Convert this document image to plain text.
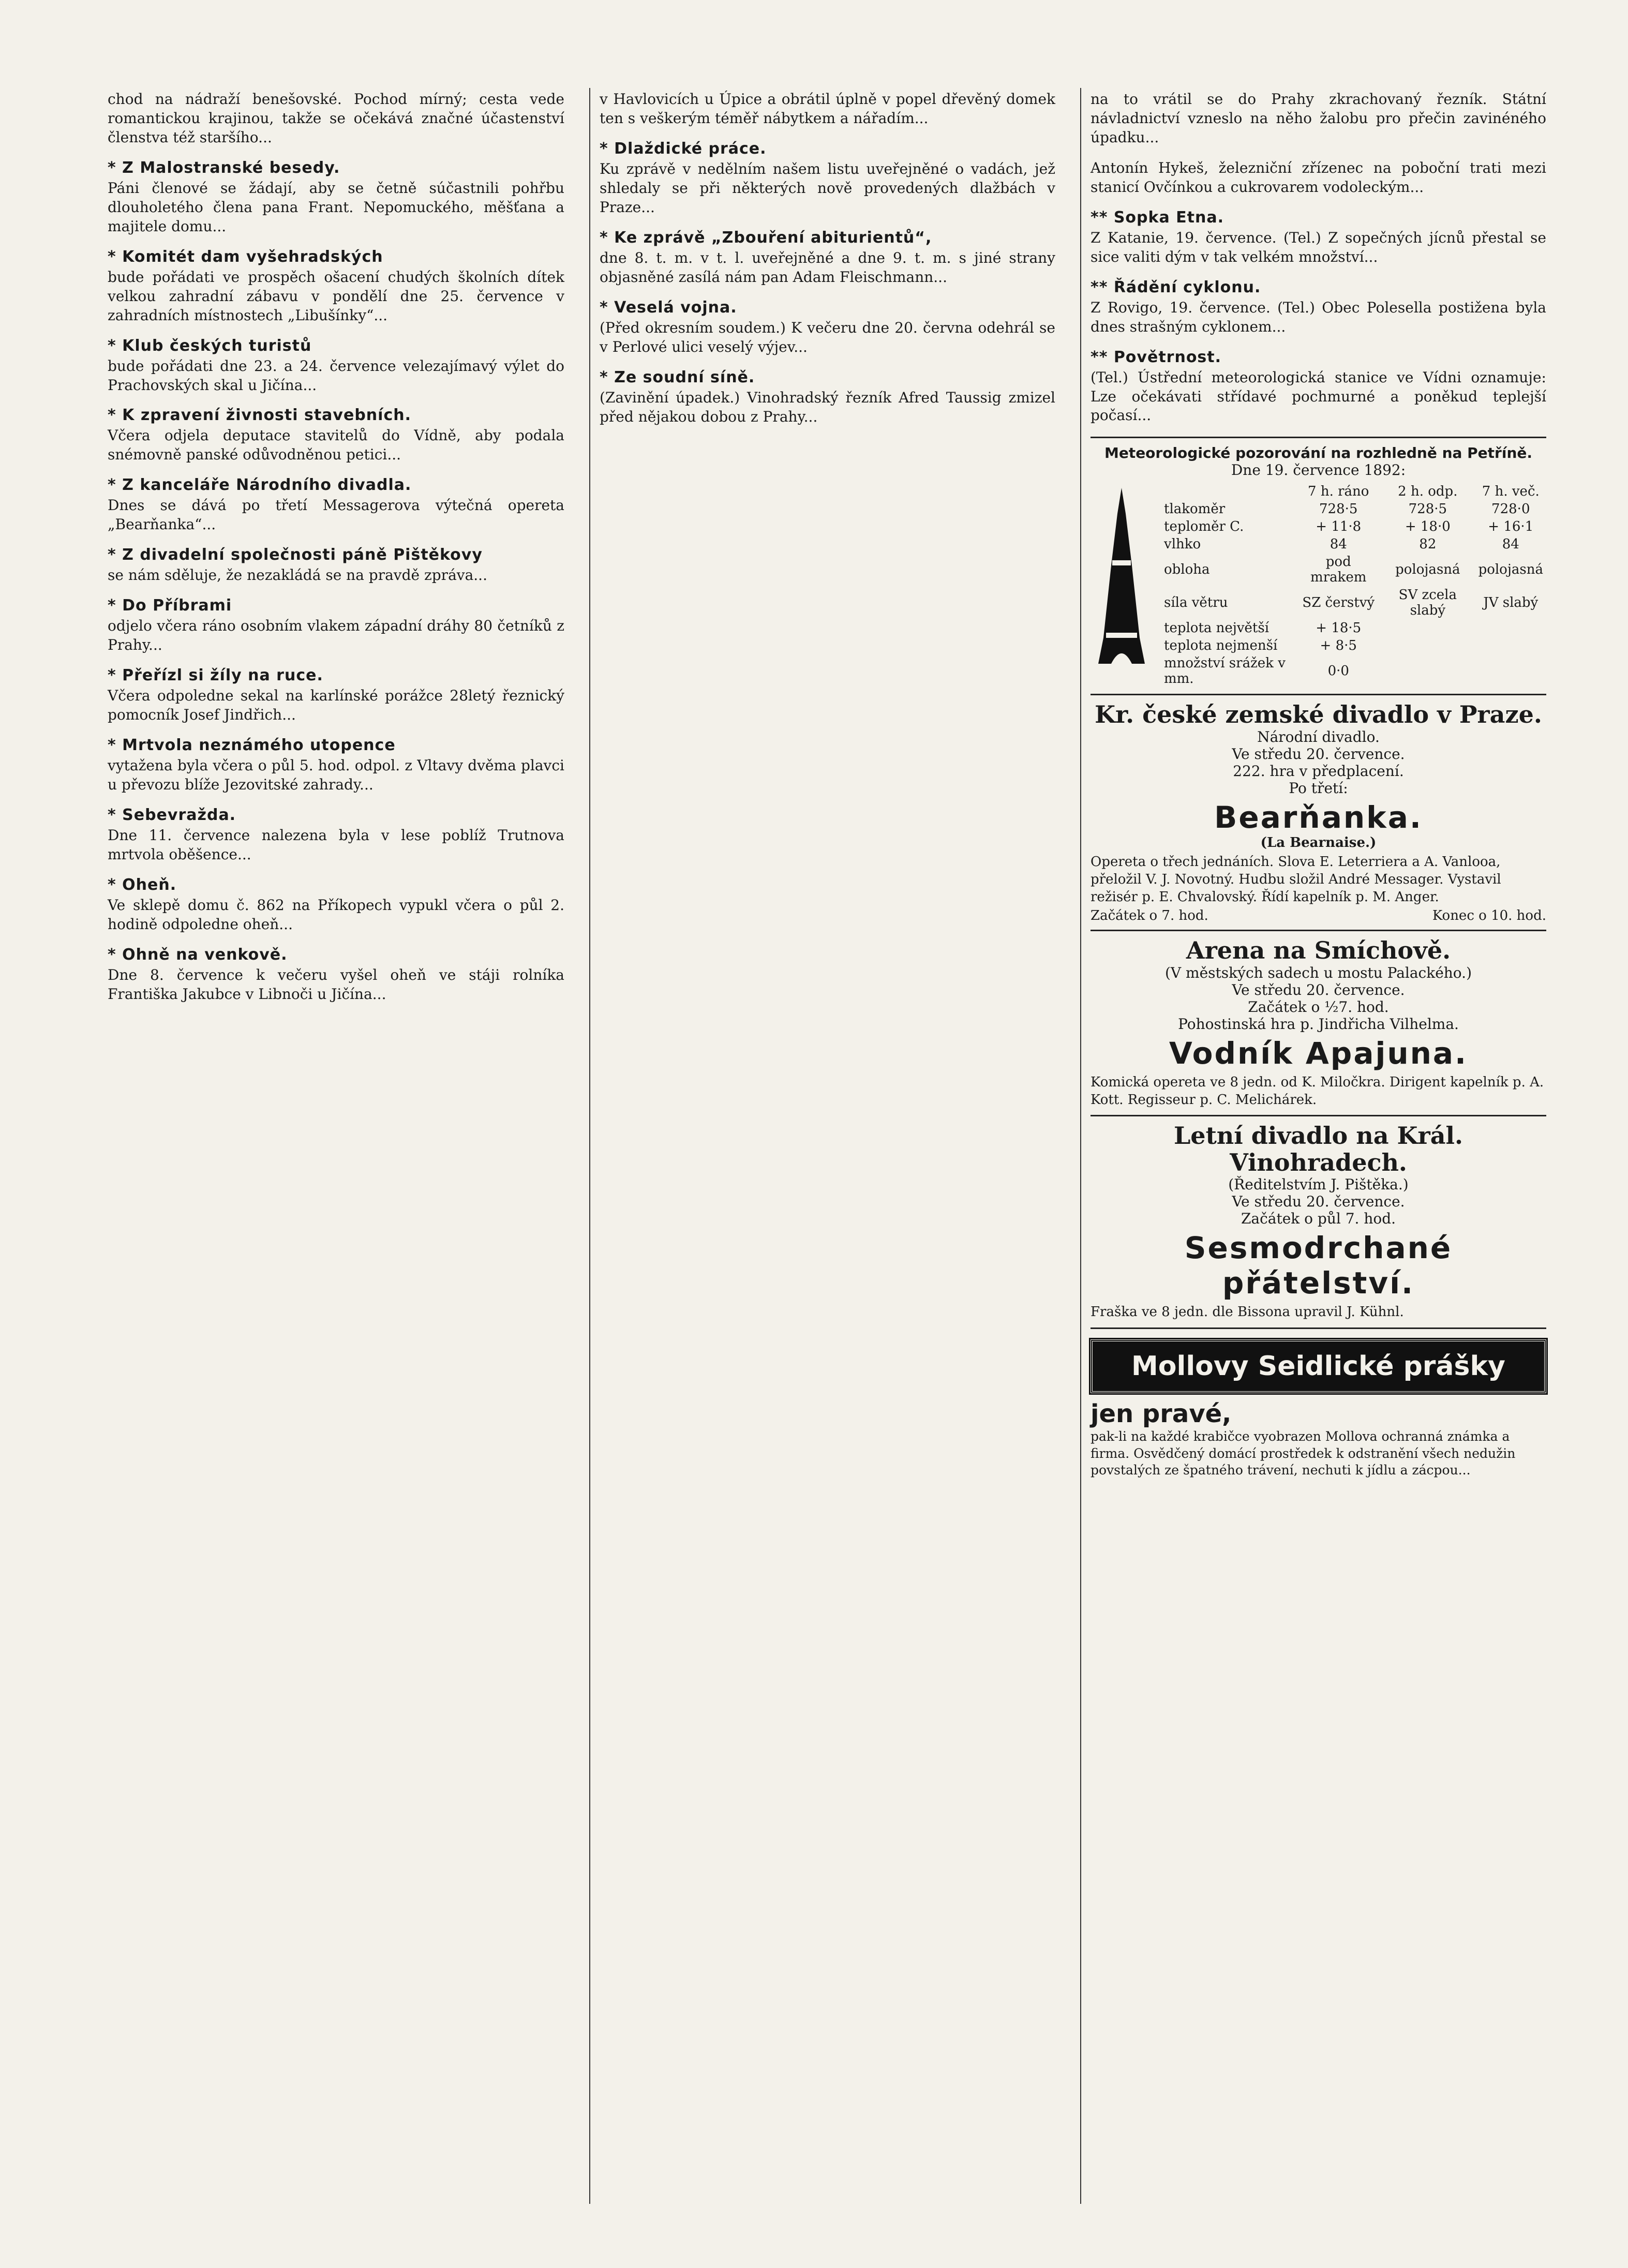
chod na nádraží benešovské. Pochod mírný; cesta vede romantickou krajinou, takže se očekává značné účastenství členstva též staršího...

* Z Malostranské besedy.

Páni členové se žádají, aby se četně súčastnili pohřbu dlouholetého člena pana Frant. Nepomuckého, měšťana a majitele domu...

* Komitét dam vyšehradských

bude pořádati ve prospěch ošacení chudých školních dítek velkou zahradní zábavu v pondělí dne 25. července v zahradních místnostech „Libušínky“...

* Klub českých turistů

bude pořádati dne 23. a 24. července velezajímavý výlet do Prachovských skal u Jičína...

* K zpravení živnosti stavebních.

Včera odjela deputace stavitelů do Vídně, aby podala snémovně panské odůvodněnou petici...

* Z kanceláře Národního divadla.

Dnes se dává po třetí Messagerova výtečná opereta „Bearňanka“...

* Z divadelní společnosti páně Pištěkovy

se nám sděluje, že nezakládá se na pravdě zpráva...

* Do Příbrami

odjelo včera ráno osobním vlakem západní dráhy 80 četníků z Prahy...

* Přeřízl si žíly na ruce.

Včera odpoledne sekal na karlínské porážce 28letý řeznický pomocník Josef Jindřich...

* Mrtvola neznámého utopence

vytažena byla včera o půl 5. hod. odpol. z Vltavy dvěma plavci u převozu blíže Jezovitské zahrady...

* Sebevražda.

Dne 11. července nalezena byla v lese poblíž Trutnova mrtvola oběšence...

* Oheň.

Ve sklepě domu č. 862 na Příkopech vypukl včera o půl 2. hodině odpoledne oheň...

* Ohně na venkově.

Dne 8. července k večeru vyšel oheň ve stáji rolníka Františka Jakubce v Libnoči u Jičína...

v Havlovicích u Úpice a obrátil úplně v popel dřevěný domek ten s veškerým téměř nábytkem a nářadím...

* Dlaždické práce.

Ku zprávě v nedělním našem listu uveřejněné o vadách, jež shledaly se při některých nově provedených dlažbách v Praze...

* Ke zprávě „Zbouření abiturientů“,

dne 8. t. m. v t. l. uveřejněné a dne 9. t. m. s jiné strany objasněné zasílá nám pan Adam Fleischmann...

* Veselá vojna.

(Před okresním soudem.) K večeru dne 20. června odehrál se v Perlové ulici veselý výjev...

* Ze soudní síně.

(Zavinění úpadek.) Vinohradský řezník Afred Taussig zmizel před nějakou dobou z Prahy...

na to vrátil se do Prahy zkrachovaný řezník. Státní návladnictví vzneslo na něho žalobu pro přečin zavinéného úpadku...

Antonín Hykeš, železniční zřízenec na poboční trati mezi stanicí Ovčínkou a cukrovarem vodoleckým...

** Sopka Etna.

Z Katanie, 19. července. (Tel.) Z sopečných jícnů přestal se sice valiti dým v tak velkém množství...

** Řádění cyklonu.

Z Rovigo, 19. července. (Tel.) Obec Polesella postižena byla dnes strašným cyklonem...

** Povětrnost.

(Tel.) Ústřední meteorologická stanice ve Vídni oznamuje: Lze očekávati střídavé pochmurné a poněkud teplejší počasí...

Meteorologické pozorování na rozhledně na Petříně.
Dne 19. července 1892:
	7 h. ráno	2 h. odp.	7 h. več.
tlakoměr	728·5	728·5	728·0
teploměr C.	+ 11·8	+ 18·0	+ 16·1
vlhko	84	82	84
obloha	pod mrakem	polojasná	polojasná
síla větru	SZ čerstvý	SV zcela slabý	JV slabý
teplota největší	+ 18·5		
teplota nejmenší	+ 8·5		
množství srážek v mm.	0·0		
Kr. české zemské divadlo v Praze.
Národní divadlo.
Ve středu 20. července.
222. hra v předplacení.
Po třetí:
Bearňanka.
(La Bearnaise.)
Opereta o třech jednáních. Slova E. Leterriera a A. Vanlooa, přeložil V. J. Novotný. Hudbu složil André Messager. Vystavil režisér p. E. Chvalovský. Řídí kapelník p. M. Anger.
Začátek o 7. hod.	Konec o 10. hod.
Arena na Smíchově.
(V městských sadech u mostu Palackého.)
Ve středu 20. července.
Začátek o ½7. hod.
Pohostinská hra p. Jindřicha Vilhelma.
Vodník Apajuna.
Komická opereta ve 8 jedn. od K. Miločkra. Dirigent kapelník p. A. Kott. Regisseur p. C. Melichárek.
Letní divadlo na Král. Vinohradech.
(Ředitelstvím J. Pištěka.)
Ve středu 20. července.
Začátek o půl 7. hod.
Sesmodrchané přátelství.
Fraška ve 8 jedn. dle Bissona upravil J. Kühnl.
Mollovy Seidlické prášky
jen pravé,
pak-li na každé krabičce vyobrazen Mollova ochranná známka a firma. Osvědčený domácí prostředek k odstranění všech nedužin povstalých ze špatného trávení, nechuti k jídlu a zácpou...
